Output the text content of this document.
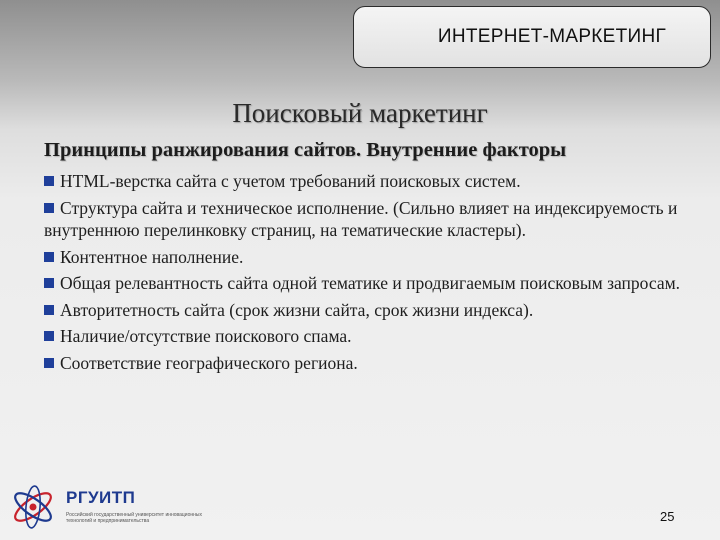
ИНТЕРНЕТ-МАРКЕТИНГ
Поисковый маркетинг
Принципы ранжирования сайтов. Внутренние факторы
HTML-верстка сайта с учетом требований поисковых систем.
Структура сайта и техническое исполнение. (Сильно влияет на индексируемость и внутреннюю перелинковку страниц, на тематические кластеры).
Контентное наполнение.
Общая релевантность сайта одной тематике и продвигаемым поисковым запросам.
Авторитетность сайта (срок жизни сайта, срок жизни индекса).
Наличие/отсутствие поискового спама.
Соответствие географического региона.
РГУИТП
Российский государственный университет инновационных технологий и предпринимательства	25
